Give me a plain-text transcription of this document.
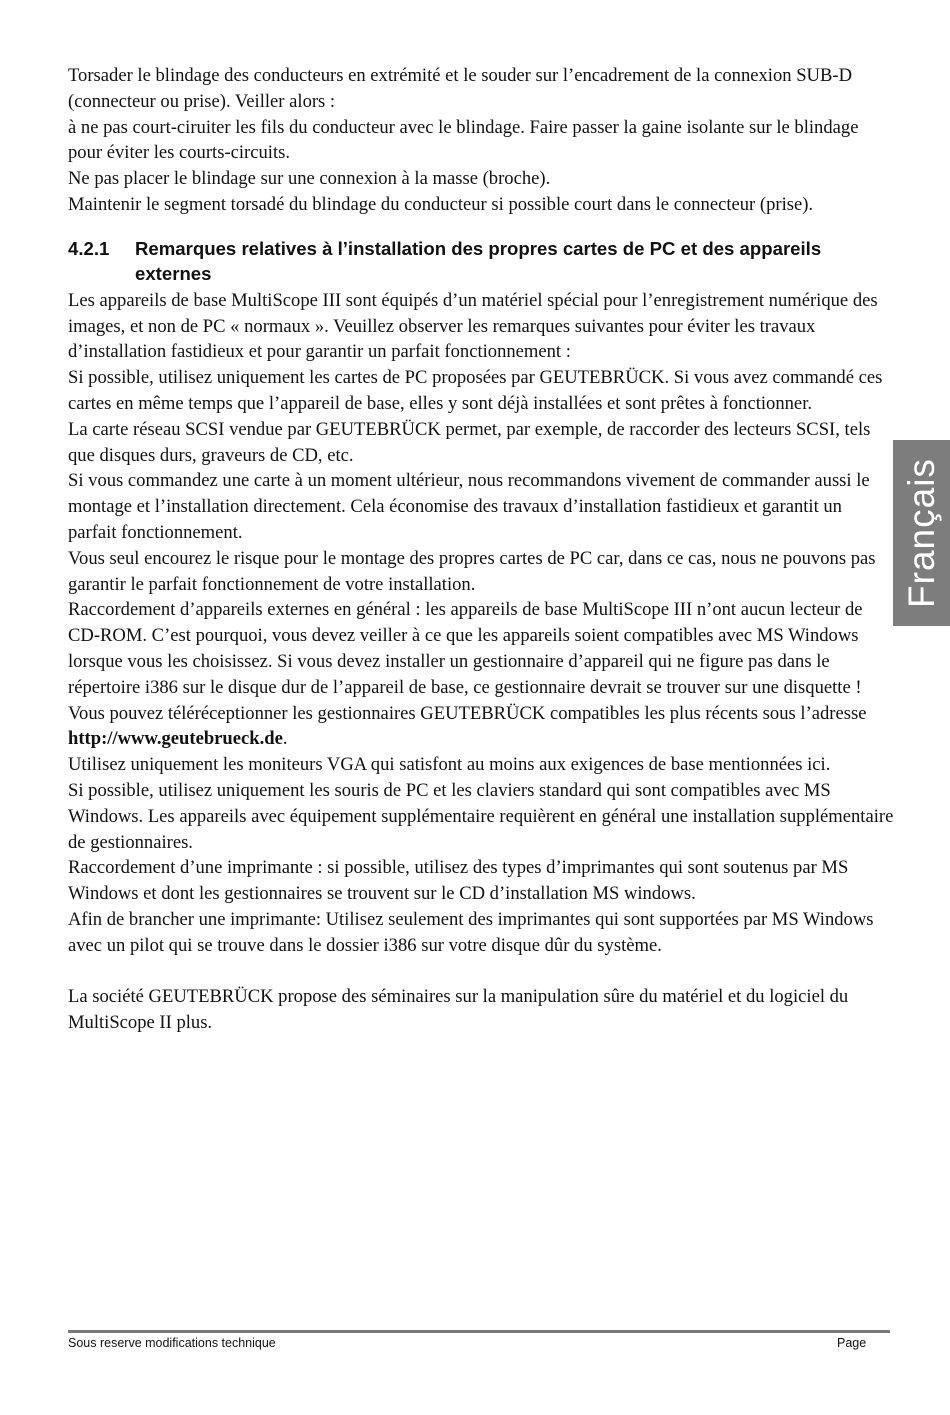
Torsader le blindage des conducteurs en extrémité et le souder sur l’encadrement de la connexion SUB-D (connecteur ou prise). Veiller alors :

à ne pas court-ciruiter les fils du conducteur avec le blindage. Faire passer la gaine isolante sur le blindage pour éviter les courts-circuits.

Ne pas placer le blindage sur une connexion à la masse (broche).

Maintenir le segment torsadé du blindage du conducteur si possible court dans le connecteur (prise).

4.2.1	Remarques relatives à l’installation des propres cartes de PC et des appareils externes

Les appareils de base MultiScope III sont équipés d’un matériel spécial pour l’enregistrement numérique des images, et non de PC « normaux ». Veuillez observer les remarques suivantes pour éviter les travaux d’installation fastidieux et pour garantir un parfait fonctionnement :

Si possible, utilisez uniquement les cartes de PC proposées par GEUTEBRÜCK. Si vous avez commandé ces cartes en même temps que l’appareil de base, elles y sont déjà installées et sont prêtes à fonctionner.

La carte réseau SCSI vendue par GEUTEBRÜCK permet, par exemple, de raccorder des lecteurs SCSI, tels que disques durs, graveurs de CD, etc.

Si vous commandez une carte à un moment ultérieur, nous recommandons vivement de commander aussi le montage et l’installation directement. Cela économise des travaux d’installation fastidieux et garantit un parfait fonctionnement.

Vous seul encourez le risque pour le montage des propres cartes de PC car, dans ce cas, nous ne pouvons pas garantir le parfait fonctionnement de votre installation.

Raccordement d’appareils externes en général : les appareils de base MultiScope III n’ont aucun lecteur de CD-ROM. C’est pourquoi, vous devez veiller à ce que les appareils soient compatibles avec MS Windows lorsque vous les choisissez. Si vous devez installer un gestionnaire d’appareil qui ne figure pas dans le répertoire i386 sur le disque dur de l’appareil de base, ce gestionnaire devrait se trouver sur une disquette ! Vous pouvez téléréceptionner les gestionnaires GEUTEBRÜCK compatibles les plus récents sous l’adresse
http://www.geutebrueck.de.

Utilisez uniquement les moniteurs VGA qui satisfont au moins aux exigences de base mentionnées ici.

Si possible, utilisez uniquement les souris de PC et les claviers standard qui sont compatibles avec MS Windows. Les appareils avec équipement supplémentaire requièrent en général une installation supplémentaire de gestionnaires.

Raccordement d’une imprimante : si possible, utilisez des types d’imprimantes qui sont soutenus par MS Windows et dont les gestionnaires se trouvent sur le CD d’installation MS windows.

Afin de brancher une imprimante: Utilisez seulement des imprimantes qui sont supportées par MS Windows avec un pilot qui se trouve dans le dossier i386 sur votre disque dûr du système.

La société GEUTEBRÜCK propose des séminaires sur la manipulation sûre du matériel et du logiciel du MultiScope II plus.

Français
Sous reserve modifications technique	Page
